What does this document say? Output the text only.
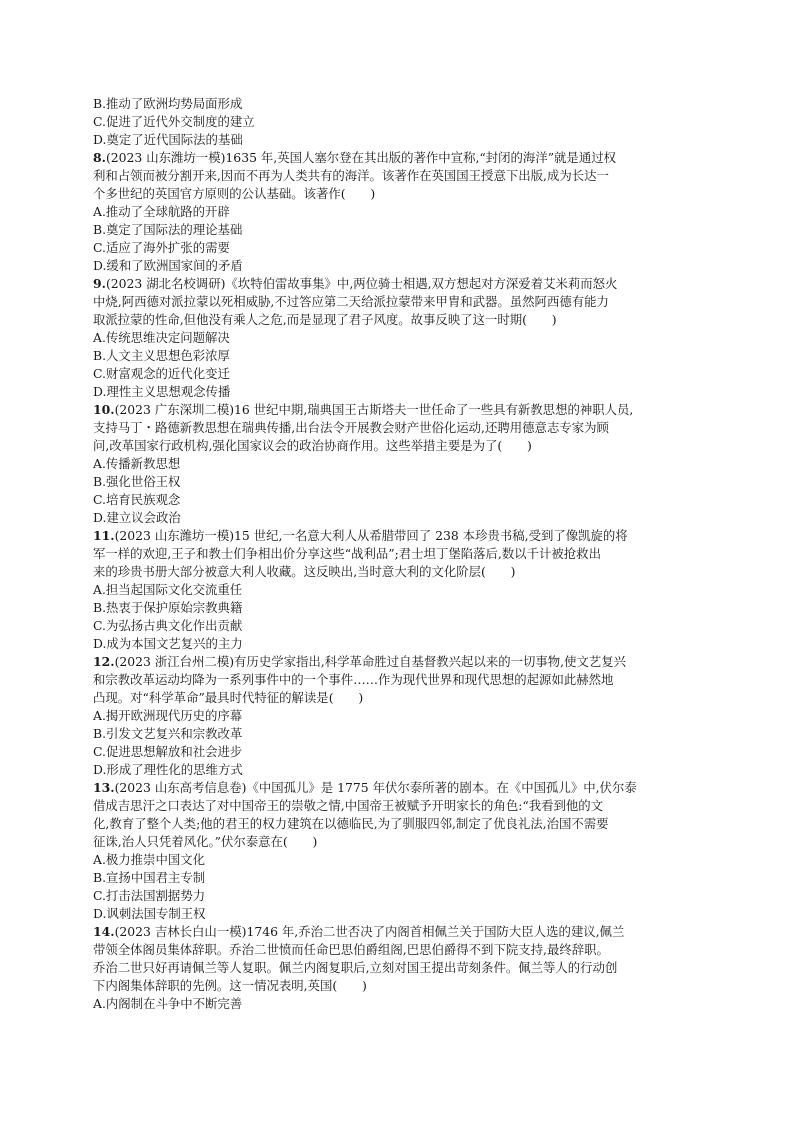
B.推动了欧洲均势局面形成
C.促进了近代外交制度的建立
D.奠定了近代国际法的基础
8.(2023 山东潍坊一模)1635 年,英国人塞尔登在其出版的著作中宣称,“封闭的海洋”就是通过权
利和占领而被分割开来,因而不再为人类共有的海洋。该著作在英国国王授意下出版,成为长达一
个多世纪的英国官方原则的公认基础。该著作(　　)
A.推动了全球航路的开辟
B.奠定了国际法的理论基础
C.适应了海外扩张的需要
D.缓和了欧洲国家间的矛盾
9.(2023 湖北名校调研)《坎特伯雷故事集》中,两位骑士相遇,双方想起对方深爱着艾米莉而怒火
中烧,阿西德对派拉蒙以死相威胁,不过答应第二天给派拉蒙带来甲胄和武器。虽然阿西德有能力
取派拉蒙的性命,但他没有乘人之危,而是显现了君子风度。故事反映了这一时期(　　)
A.传统思维决定问题解决
B.人文主义思想色彩浓厚
C.财富观念的近代化变迁
D.理性主义思想观念传播
10.(2023 广东深圳二模)16 世纪中期,瑞典国王古斯塔夫一世任命了一些具有新教思想的神职人员,
支持马丁・路德新教思想在瑞典传播,出台法令开展教会财产世俗化运动,还聘用德意志专家为顾
问,改革国家行政机构,强化国家议会的政治协商作用。这些举措主要是为了(　　)
A.传播新教思想
B.强化世俗王权
C.培育民族观念
D.建立议会政治
11.(2023 山东潍坊一模)15 世纪,一名意大利人从希腊带回了 238 本珍贵书稿,受到了像凯旋的将
军一样的欢迎,王子和教士们争相出价分享这些“战利品”;君士坦丁堡陷落后,数以千计被抢救出
来的珍贵书册大部分被意大利人收藏。这反映出,当时意大利的文化阶层(　　)
A.担当起国际文化交流重任
B.热衷于保护原始宗教典籍
C.为弘扬古典文化作出贡献
D.成为本国文艺复兴的主力
12.(2023 浙江台州二模)有历史学家指出,科学革命胜过自基督教兴起以来的一切事物,使文艺复兴
和宗教改革运动均降为一系列事件中的一个事件……作为现代世界和现代思想的起源如此赫然地
凸现。对“科学革命”最具时代特征的解读是(　　)
A.揭开欧洲现代历史的序幕
B.引发文艺复兴和宗教改革
C.促进思想解放和社会进步
D.形成了理性化的思维方式
13.(2023 山东高考信息卷)《中国孤儿》是 1775 年伏尔泰所著的剧本。在《中国孤儿》中,伏尔泰
借成吉思汗之口表达了对中国帝王的崇敬之情,中国帝王被赋予开明家长的角色:“我看到他的文
化,教育了整个人类;他的君王的权力建筑在以德临民,为了驯服四邻,制定了优良礼法,治国不需要
征诛,治人只凭着风化。”伏尔泰意在(　　)
A.极力推崇中国文化
B.宣扬中国君主专制
C.打击法国割据势力
D.讽刺法国专制王权
14.(2023 吉林长白山一模)1746 年,乔治二世否决了内阁首相佩兰关于国防大臣人选的建议,佩兰
带领全体阁员集体辞职。乔治二世愤而任命巴思伯爵组阁,巴思伯爵得不到下院支持,最终辞职。
乔治二世只好再请佩兰等人复职。佩兰内阁复职后,立刻对国王提出苛刻条件。佩兰等人的行动创
下内阁集体辞职的先例。这一情况表明,英国(　　)
A.内阁制在斗争中不断完善
